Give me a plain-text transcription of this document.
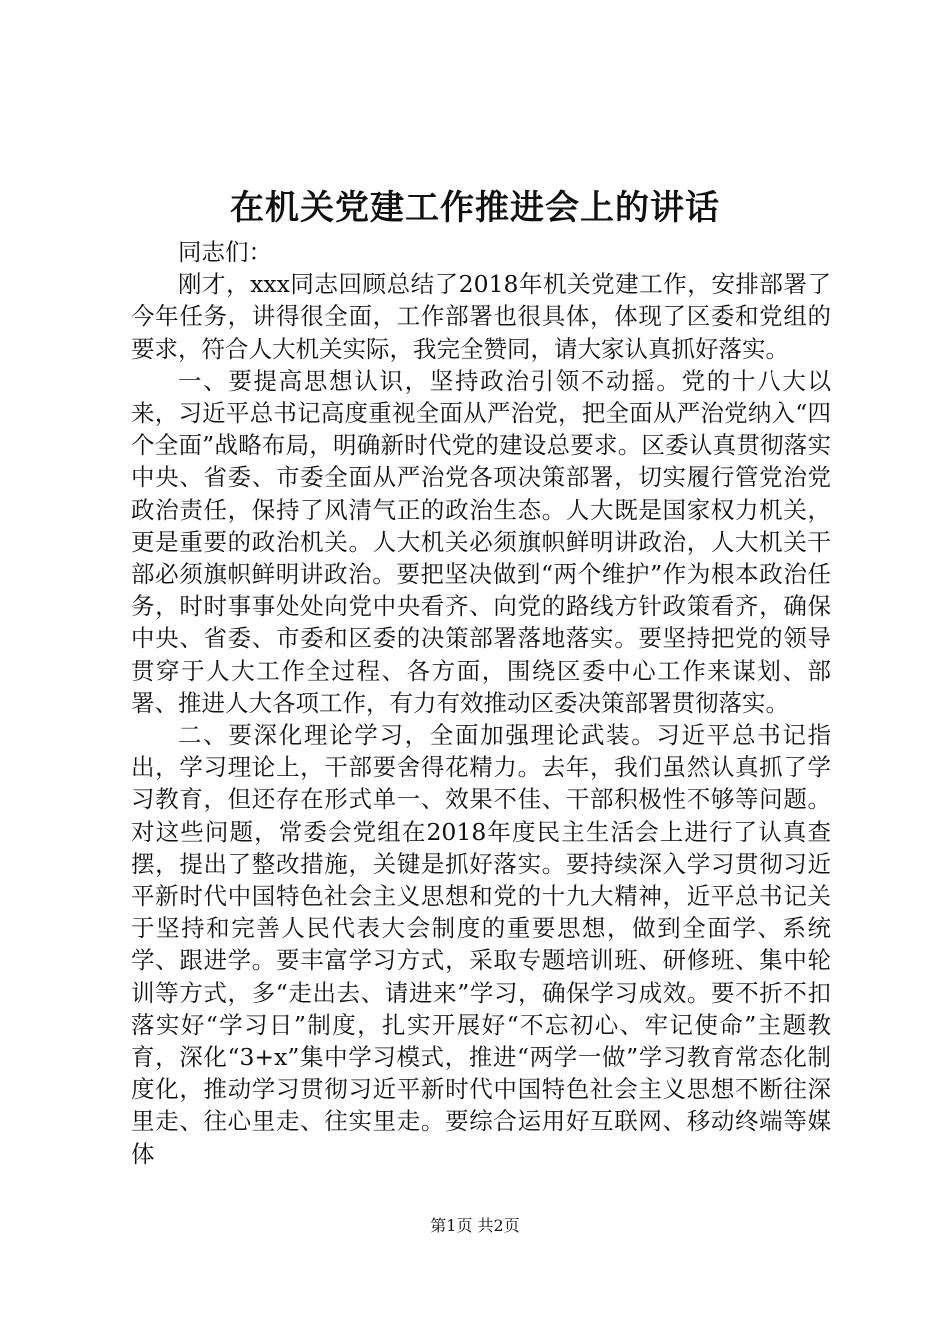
在机关党建工作推进会上的讲话

同志们：

刚才，xxx同志回顾总结了2018年机关党建工作，安排部署了今年任务，讲得很全面，工作部署也很具体，体现了区委和党组的要求，符合人大机关实际，我完全赞同，请大家认真抓好落实。

一、要提高思想认识，坚持政治引领不动摇。党的十八大以来，习近平总书记高度重视全面从严治党，把全面从严治党纳入“四个全面”战略布局，明确新时代党的建设总要求。区委认真贯彻落实中央、省委、市委全面从严治党各项决策部署，切实履行管党治党政治责任，保持了风清气正的政治生态。人大既是国家权力机关，更是重要的政治机关。人大机关必须旗帜鲜明讲政治，人大机关干部必须旗帜鲜明讲政治。要把坚决做到“两个维护”作为根本政治任务，时时事事处处向党中央看齐、向党的路线方针政策看齐，确保中央、省委、市委和区委的决策部署落地落实。要坚持把党的领导贯穿于人大工作全过程、各方面，围绕区委中心工作来谋划、部署、推进人大各项工作，有力有效推动区委决策部署贯彻落实。

二、要深化理论学习，全面加强理论武装。习近平总书记指出，学习理论上，干部要舍得花精力。去年，我们虽然认真抓了学习教育，但还存在形式单一、效果不佳、干部积极性不够等问题。对这些问题，常委会党组在2018年度民主生活会上进行了认真查摆，提出了整改措施，关键是抓好落实。要持续深入学习贯彻习近平新时代中国特色社会主义思想和党的十九大精神，近平总书记关于坚持和完善人民代表大会制度的重要思想，做到全面学、系统学、跟进学。要丰富学习方式，采取专题培训班、研修班、集中轮训等方式，多“走出去、请进来”学习，确保学习成效。要不折不扣落实好“学习日”制度，扎实开展好“不忘初心、牢记使命”主题教育，深化“3+x”集中学习模式，推进“两学一做”学习教育常态化制度化，推动学习贯彻习近平新时代中国特色社会主义思想不断往深里走、往心里走、往实里走。要综合运用好互联网、移动终端等媒体

第1页 共2页
